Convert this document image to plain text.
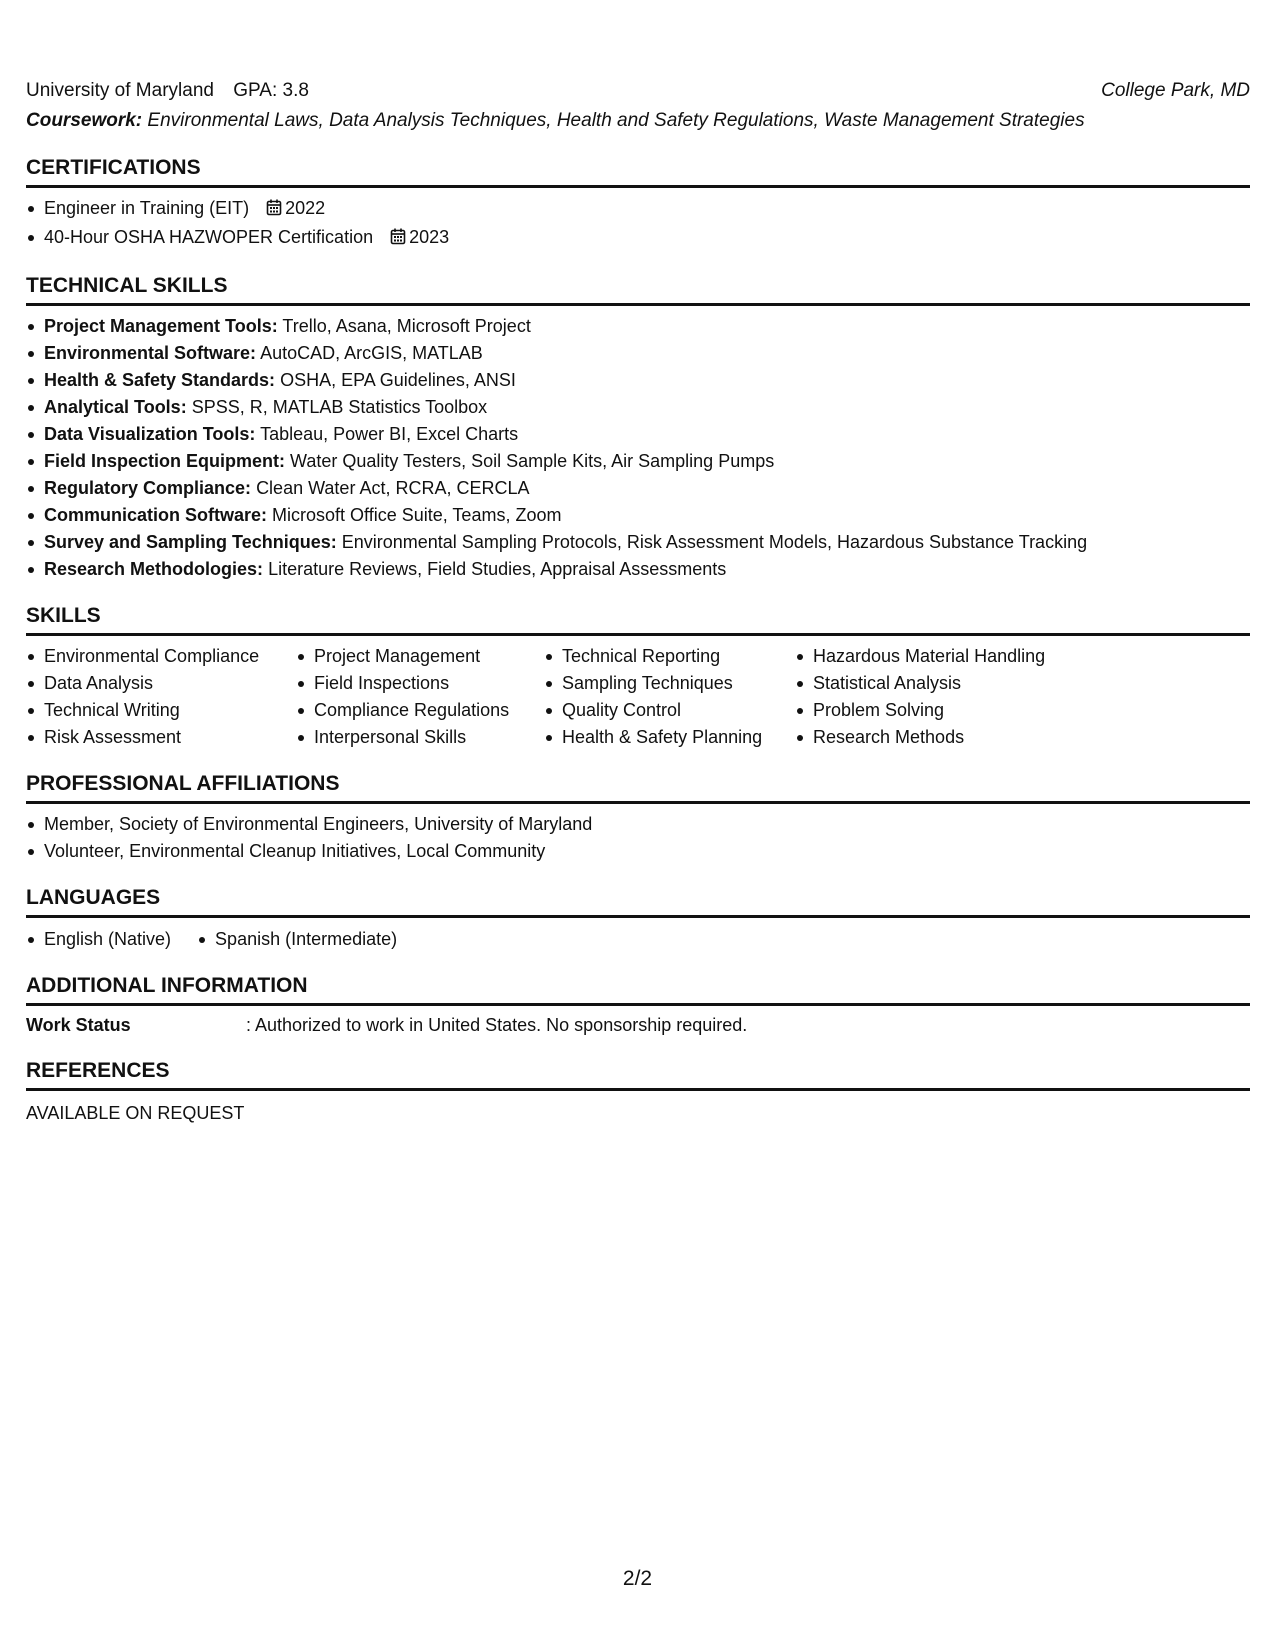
University of Maryland GPA: 3.8	College Park, MD
Coursework: Environmental Laws, Data Analysis Techniques, Health and Safety Regulations, Waste Management Strategies
CERTIFICATIONS
Engineer in Training (EIT) 2022
40-Hour OSHA HAZWOPER Certification 2023
TECHNICAL SKILLS
Project Management Tools: Trello, Asana, Microsoft Project
Environmental Software: AutoCAD, ArcGIS, MATLAB
Health & Safety Standards: OSHA, EPA Guidelines, ANSI
Analytical Tools: SPSS, R, MATLAB Statistics Toolbox
Data Visualization Tools: Tableau, Power BI, Excel Charts
Field Inspection Equipment: Water Quality Testers, Soil Sample Kits, Air Sampling Pumps
Regulatory Compliance: Clean Water Act, RCRA, CERCLA
Communication Software: Microsoft Office Suite, Teams, Zoom
Survey and Sampling Techniques: Environmental Sampling Protocols, Risk Assessment Models, Hazardous Substance Tracking
Research Methodologies: Literature Reviews, Field Studies, Appraisal Assessments
SKILLS
Environmental Compliance
Data Analysis
Technical Writing
Risk Assessment
Project Management
Field Inspections
Compliance Regulations
Interpersonal Skills
Technical Reporting
Sampling Techniques
Quality Control
Health & Safety Planning
Hazardous Material Handling
Statistical Analysis
Problem Solving
Research Methods
PROFESSIONAL AFFILIATIONS
Member, Society of Environmental Engineers, University of Maryland
Volunteer, Environmental Cleanup Initiatives, Local Community
LANGUAGES
English (Native)	Spanish (Intermediate)
ADDITIONAL INFORMATION
Work Status	: Authorized to work in United States. No sponsorship required.
REFERENCES
AVAILABLE ON REQUEST
2/2
